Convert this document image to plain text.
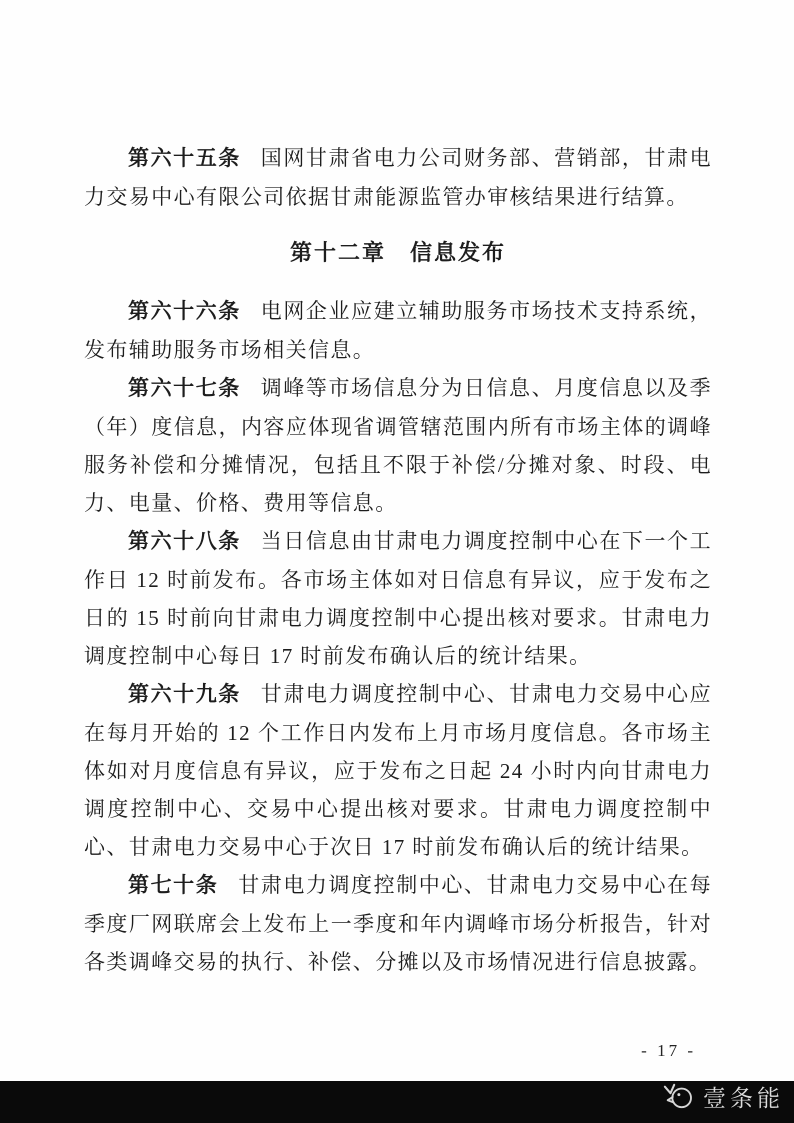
第六十五条 国网甘肃省电力公司财务部、营销部，甘肃电力交易中心有限公司依据甘肃能源监管办审核结果进行结算。

第十二章　信息发布

第六十六条 电网企业应建立辅助服务市场技术支持系统，发布辅助服务市场相关信息。

第六十七条 调峰等市场信息分为日信息、月度信息以及季（年）度信息，内容应体现省调管辖范围内所有市场主体的调峰服务补偿和分摊情况，包括且不限于补偿/分摊对象、时段、电力、电量、价格、费用等信息。

第六十八条 当日信息由甘肃电力调度控制中心在下一个工作日 12 时前发布。各市场主体如对日信息有异议，应于发布之日的 15 时前向甘肃电力调度控制中心提出核对要求。甘肃电力调度控制中心每日 17 时前发布确认后的统计结果。

第六十九条 甘肃电力调度控制中心、甘肃电力交易中心应在每月开始的 12 个工作日内发布上月市场月度信息。各市场主体如对月度信息有异议，应于发布之日起 24 小时内向甘肃电力调度控制中心、交易中心提出核对要求。甘肃电力调度控制中心、甘肃电力交易中心于次日 17 时前发布确认后的统计结果。

第七十条 甘肃电力调度控制中心、甘肃电力交易中心在每季度厂网联席会上发布上一季度和年内调峰市场分析报告，针对各类调峰交易的执行、补偿、分摊以及市场情况进行信息披露。

- 17 -
壹条能
